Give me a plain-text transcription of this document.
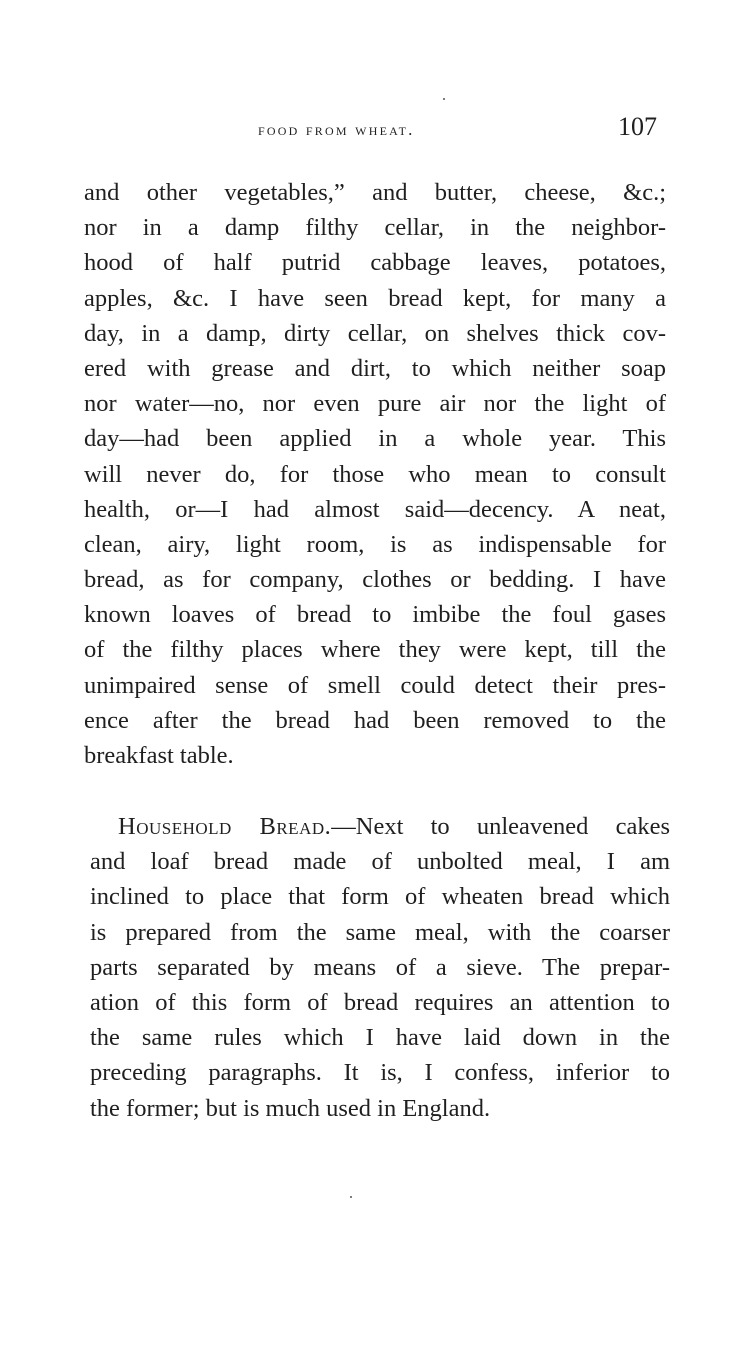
food from wheat.	107
and other vegetables,” and butter, cheese, &c.;
nor in a damp filthy cellar, in the neighbor-
hood of half putrid cabbage leaves, potatoes,
apples, &c. I have seen bread kept, for many a
day, in a damp, dirty cellar, on shelves thick cov-
ered with grease and dirt, to which neither soap
nor water—no, nor even pure air nor the light of
day—had been applied in a whole year. This
will never do, for those who mean to consult
health, or—I had almost said—decency. A neat,
clean, airy, light room, is as indispensable for
bread, as for company, clothes or bedding. I have
known loaves of bread to imbibe the foul gases
of the filthy places where they were kept, till the
unimpaired sense of smell could detect their pres-
ence after the bread had been removed to the
breakfast table.
Household Bread.—Next to unleavened cakes
and loaf bread made of unbolted meal, I am
inclined to place that form of wheaten bread which
is prepared from the same meal, with the coarser
parts separated by means of a sieve. The prepar-
ation of this form of bread requires an attention to
the same rules which I have laid down in the
preceding paragraphs. It is, I confess, inferior to
the former; but is much used in England.
